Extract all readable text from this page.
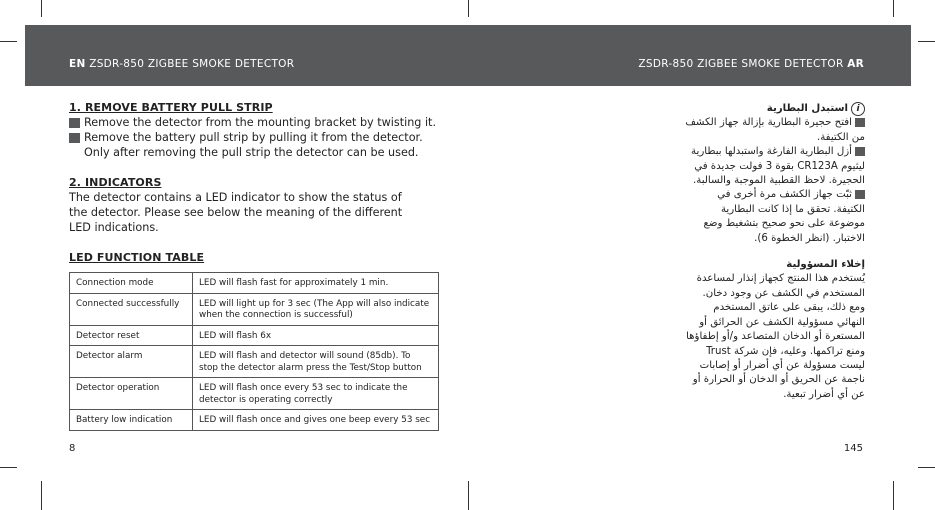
EN ZSDR-850 ZIGBEE SMOKE DETECTOR	ZSDR-850 ZIGBEE SMOKE DETECTOR AR

1. REMOVE BATTERY PULL STRIP

Remove the detector from the mounting bracket by twisting it.
Remove the battery pull strip by pulling it from the detector.
Only after removing the pull strip the detector can be used.

2. INDICATORS

The detector contains a LED indicator to show the status of the detector. Please see below the meaning of the different LED indications.

LED FUNCTION TABLE

Connection mode	LED will flash fast for approximately 1 min.
Connected successfully	LED will light up for 3 sec (The App will also indicate when the connection is successful)
Detector reset	LED will flash 6x
Detector alarm	LED will flash and detector will sound (85db). To stop the detector alarm press the Test/Stop button
Detector operation	LED will flash once every 53 sec to indicate the detector is operating correctly
Battery low indication	LED will flash once and gives one beep every 53 sec
8	145
iاستبدل البطارية
افتح حجيرة البطارية بإزالة جهاز الكشف من الكتيفة.
أزل البطارية الفارغة واستبدلها ببطارية ليثيوم CR123A بقوة 3 فولت جديدة في الحجيرة. لاحظ القطبية الموجبة والسالبة.
ثبّت جهاز الكشف مرة أخرى في الكتيفة. تحقق ما إذا كانت البطارية موضوعة على نحو صحيح بتشغيط وضع الاختبار. (انظر الخطوة 6).
إخلاء المسؤولية
يُستخدم هذا المنتج كجهاز إنذار لمساعدة المستخدم في الكشف عن وجود دخان. ومع ذلك، يبقى على عاتق المستخدم النهائي مسؤولية الكشف عن الحرائق أو المستعرة أو الدخان المتصاعد و/أو إطفاؤها ومنع تراكمها. وعليه، فإن شركة Trust ليست مسؤولة عن أي أضرار أو إصابات ناجمة عن الحريق أو الدخان أو الحرارة أو عن أي أضرار تبعية.
